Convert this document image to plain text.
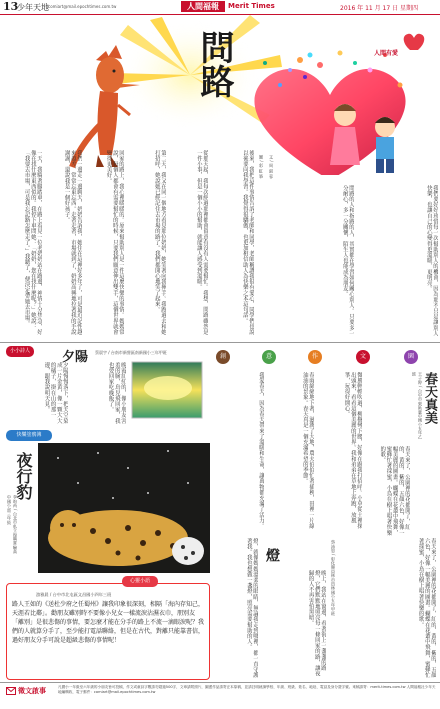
13
少年天地 comiart@mail.epochtimes.com.tw	人間福報	Merit Times	2016 年 11 月 17 日 星期四
問路
人間有愛
文 / 周 淑 蓉
圖 / 彩 虹 筆
一天，我騎著腳踏車，在路上看見一位老奶奶站在路邊，神情十分焦急，好像在找什麼東西似的。我停下車問她：「奶奶，您在找什麼呢？」她說：「我要去市場，可是我忘記路怎麼走了。」我聽了，便決定帶她去市場。	我們一邊走一邊聊天，奶奶告訴我，她住在這裡好多年了，可是最近記性越來越差，常常忘東忘西。走著走著，市場就到了，奶奶高興地拉著我的手說謝謝，還說我是一個好孩子。	回家的路上，我心裡暖暖的。原來幫助別人是一件這麼快樂的事情。媽媽常說，每個人都會有需要幫忙的時候，只要我們願意伸出雙手，這個世界就會變得更美好。	第二天，我又在同一個地方看見那位奶奶，她笑著向我揮手。我跑過去和她打招呼，她說她已經記住去市場的路了。我們都開心地笑了起來。	從那天起，我每次經過那裡都會留意有沒有人需要幫忙。我想，問路雖然是一件小事，但是一個小小的幫助，就能讓人感受到溫暖。	後來，我把這件事情告訴了老師和同學，老師稱讚我很有愛心，同學們也說以後要向我學習。我覺得很驕傲，也更加相信助人為快樂之本這句話。	問路的人和指路的人，其實都在學習如何關心別人。只要多一分耐心，多一分關懷，陌生人也能成為朋友。	我們要好好珍惜每一次幫助別人的機會，因為那不只是讓別人快樂，也讓自己的心變得更溫暖、更明亮。
小小詩人	夕陽 蔡晨宇 / 台南市新營區南新國小三年甲班
夕陽慢慢落下，把天空染成一片金黃，像一顆大大的橘子，掛在山的那一邊，跟我說明天見。	晚霞紅紅的，像小朋友害羞的臉，鳥兒飛回家，我也要回家吃晚飯了。
快樂塗鴉簿
夜行豹
李昀芮 / 台北市私立復興實驗高中國小部三年級
心靈小語
游雅晨 / 台中市北屯區文昌國小四年三班
路人王如的《送杜少府之任蜀州》讓我印象很深刻，相隔「海內存知己，天涯若比鄰」。勸朋友雖別時不要像小兒女一樣流淚沾濕衣巾，朋別友「離別」是很悲傷的事情，要怎麼才能在分手的路上不流一滴眼淚呢？我們的人就算分手了，至少能打電話聯絡，但是在古代，對離只能靠書信，過好朋友分手可說是超級悲傷的事情呢！
創	意	作	文	園
春天真美
王子婷 / 台中市東區臺中國小五年乙班
我愛春天，因為春天帶來了溫暖和生命，讓萬物都充滿了活力。	春雨綿綿地下著，滋潤了大地，農夫伯伯忙著插秧，田裡一片綠油油的景象。春天真是一個充滿希望的季節。	微風輕輕吹過，柳樹彎下腰，好像在跟我打招呼。小草從土裡探出頭來，看看這個美麗的世界。我和弟弟在草地上奔跑，放風箏，玩得好開心。
春天來了，公園裡的花都開了，紅的、黃的、紫的，五顏六色，好像一幅美麗的圖畫。蝴蝶在花叢中飛舞，蜜蜂忙著採蜜，小鳥在樹上唱著快樂的歌。
燈	蔡沛恩 / 彰化縣員林市員林國小五年甲班
燈，就像媽媽溫柔的眼睛，無論我走到哪裡，都一直守護著我。我也想做一盞燈，照亮需要幫助的人。	晚上，我站在窗邊，看著街上一盞盞的路燈，它們默默地照亮每一條回家的路，讓夜歸的人不再害怕黑暗。	春天來了，公園裡的花都開了，紅的、黃的、紫的，五顏六色，好像一幅美麗的圖畫。蝴蝶在花叢中飛舞，蜜蜂忙著採蜜，小鳥在樹上唱著快樂的歌。
徵文啟事	凡國小一年級至六年級的小朋友皆可投稿，作文或童詩字數請勿超過500字，文章請附照片，圖畫作品請寄正本原稿，並請註明就讀學校、年級、班級、姓名、地址、電話及身分證字號。來稿請寄：merit-times.com.tw 人間福報社少年天地編輯收，電子郵件：comiart@mail.epochtimes.com.tw
